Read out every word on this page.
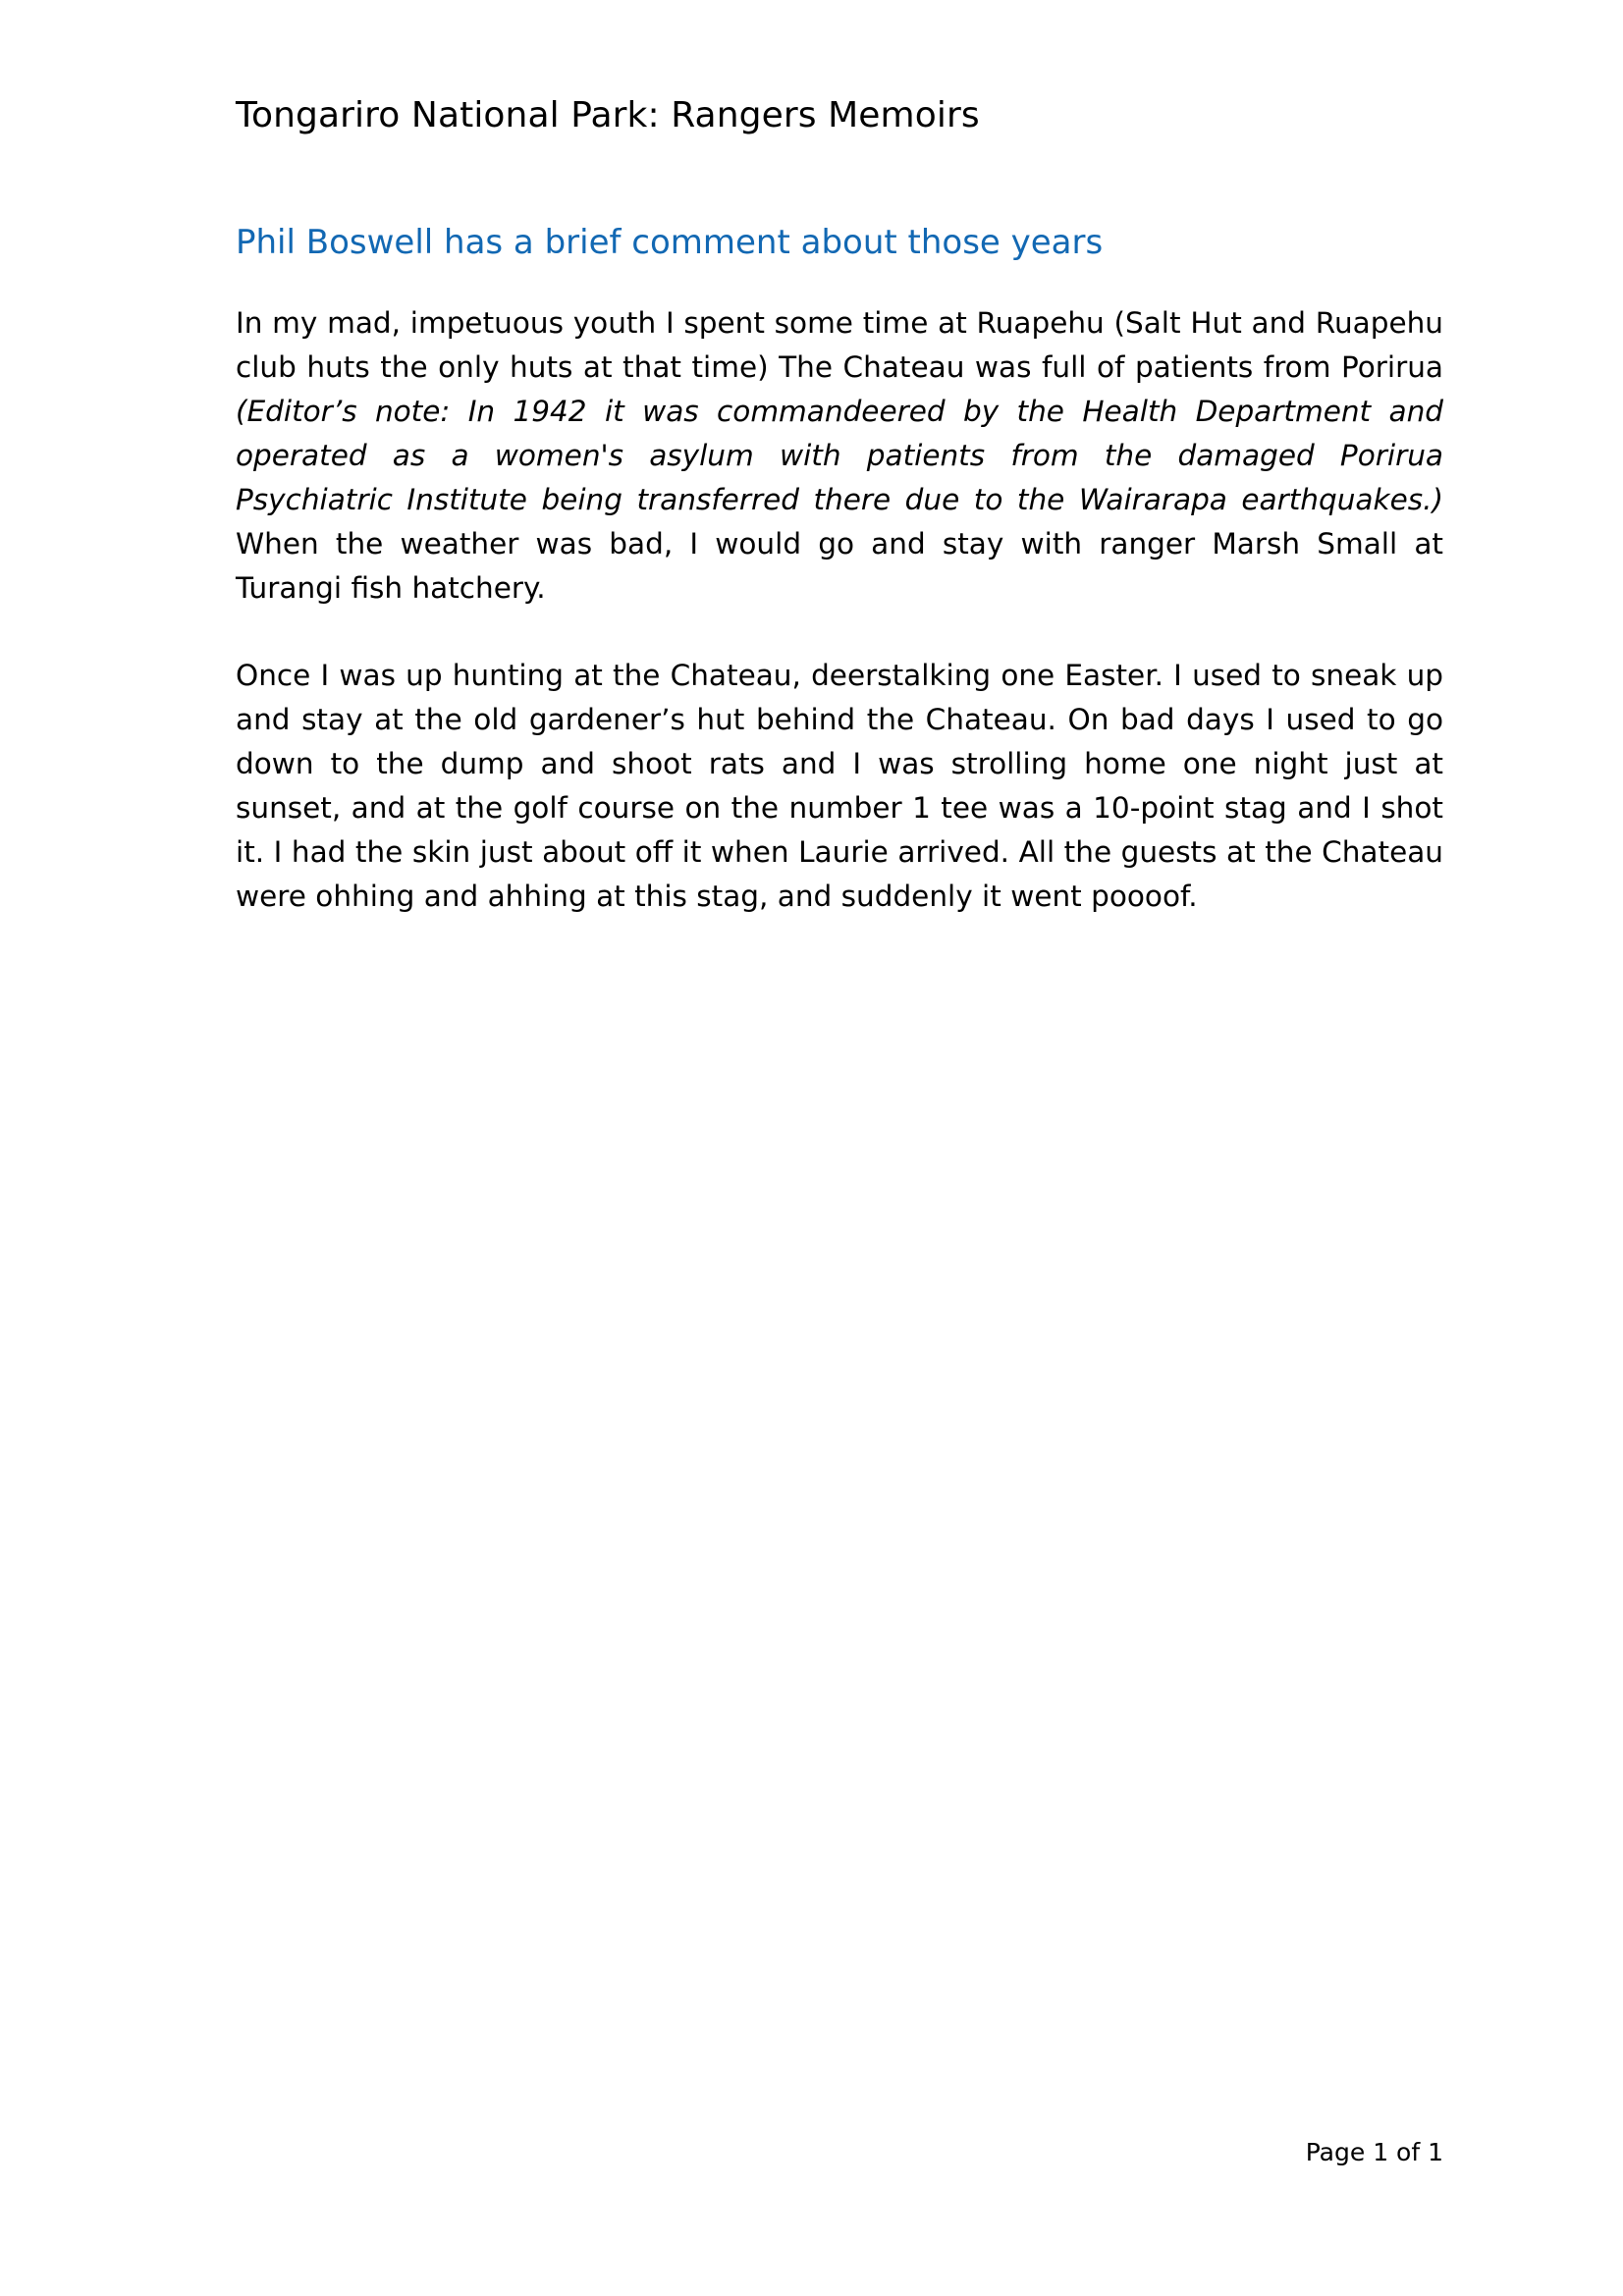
Tongariro National Park: Rangers Memoirs
Phil Boswell has a brief comment about those years

In my mad, impetuous youth I spent some time at Ruapehu (Salt Hut and Ruapehu club huts the only huts at that time) The Chateau was full of patients from Porirua (Editor’s note: In 1942 it was commandeered by the Health Department and operated as a women's asylum with patients from the damaged Porirua Psychiatric Institute being transferred there due to the Wairarapa earthquakes.) When the weather was bad, I would go and stay with ranger Marsh Small at Turangi fish hatchery.

Once I was up hunting at the Chateau, deerstalking one Easter. I used to sneak up and stay at the old gardener’s hut behind the Chateau. On bad days I used to go down to the dump and shoot rats and I was strolling home one night just at sunset, and at the golf course on the number 1 tee was a 10-point stag and I shot it. I had the skin just about off it when Laurie arrived. All the guests at the Chateau were ohhing and ahhing at this stag, and suddenly it went poooof.

Page 1 of 1
